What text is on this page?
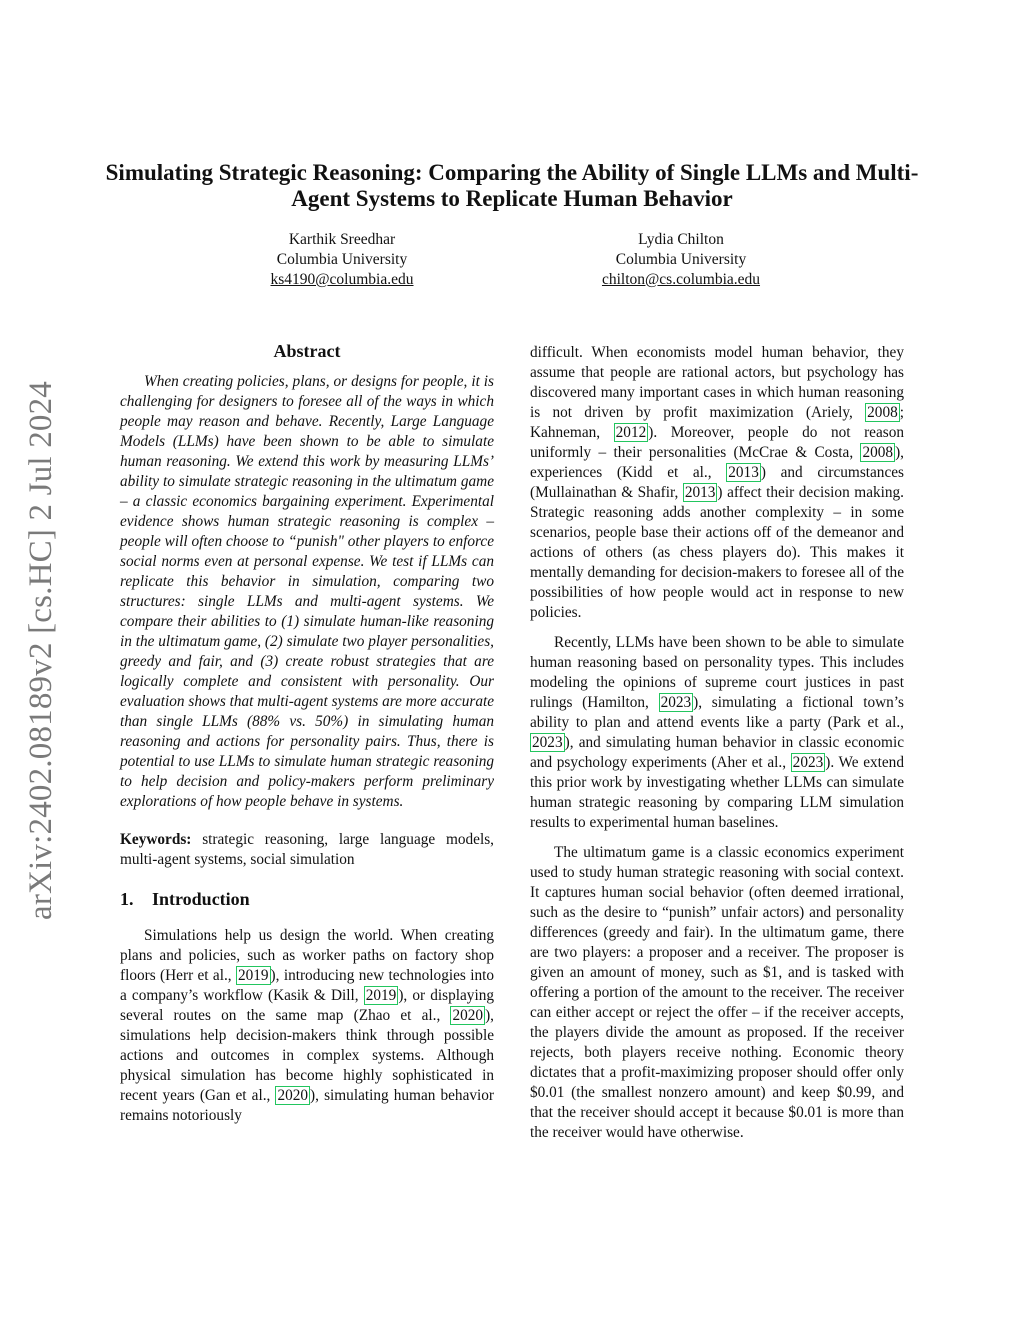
arXiv:2402.08189v2 [cs.HC] 2 Jul 2024
Simulating Strategic Reasoning: Comparing the Ability of Single LLMs and Multi-Agent Systems to Replicate Human Behavior
Karthik Sreedhar
Columbia University
ks4190@columbia.edu
Lydia Chilton
Columbia University
chilton@cs.columbia.edu
Abstract
When creating policies, plans, or designs for people, it is challenging for designers to foresee all of the ways in which people may reason and behave. Recently, Large Language Models (LLMs) have been shown to be able to simulate human reasoning. We extend this work by measuring LLMs’ ability to simulate strategic reasoning in the ultimatum game – a classic economics bargaining experiment. Experimental evidence shows human strategic reasoning is complex – people will often choose to “punish" other players to enforce social norms even at personal expense. We test if LLMs can replicate this behavior in simulation, comparing two structures: single LLMs and multi-agent systems. We compare their abilities to (1) simulate human-like reasoning in the ultimatum game, (2) simulate two player personalities, greedy and fair, and (3) create robust strategies that are logically complete and consistent with personality. Our evaluation shows that multi-agent systems are more accurate than single LLMs (88% vs. 50%) in simulating human reasoning and actions for personality pairs. Thus, there is potential to use LLMs to simulate human strategic reasoning to help decision and policy-makers perform preliminary explorations of how people behave in systems.
Keywords: strategic reasoning, large language models, multi-agent systems, social simulation
1. Introduction

Simulations help us design the world. When creating plans and policies, such as worker paths on factory shop floors (Herr et al., 2019 ), introducing new technologies into a company’s workflow (Kasik & Dill, 2019 ), or displaying several routes on the same map (Zhao et al., 2020 ), simulations help decision-makers think through possible actions and outcomes in complex systems. Although physical simulation has become highly sophisticated in recent years (Gan et al., 2020 ), simulating human behavior remains notoriously

difficult. When economists model human behavior, they assume that people are rational actors, but psychology has discovered many important cases in which human reasoning is not driven by profit maximization (Ariely, 2008 ; Kahneman, 2012 ). Moreover, people do not reason uniformly – their personalities (McCrae & Costa, 2008 ), experiences (Kidd et al., 2013 ) and circumstances (Mullainathan & Shafir, 2013 ) affect their decision making. Strategic reasoning adds another complexity – in some scenarios, people base their actions off of the demeanor and actions of others (as chess players do). This makes it mentally demanding for decision-makers to foresee all of the possibilities of how people would act in response to new policies.

Recently, LLMs have been shown to be able to simulate human reasoning based on personality types. This includes modeling the opinions of supreme court justices in past rulings (Hamilton, 2023 ), simulating a fictional town’s ability to plan and attend events like a party (Park et al., 2023 ), and simulating human behavior in classic economic and psychology experiments (Aher et al., 2023 ). We extend this prior work by investigating whether LLMs can simulate human strategic reasoning by comparing LLM simulation results to experimental human baselines.

The ultimatum game is a classic economics experiment used to study human strategic reasoning with social context. It captures human social behavior (often deemed irrational, such as the desire to “punish” unfair actors) and personality differences (greedy and fair). In the ultimatum game, there are two players: a proposer and a receiver. The proposer is given an amount of money, such as $1, and is tasked with offering a portion of the amount to the receiver. The receiver can either accept or reject the offer – if the receiver accepts, the players divide the amount as proposed. If the receiver rejects, both players receive nothing. Economic theory dictates that a profit-maximizing proposer should offer only $0.01 (the smallest nonzero amount) and keep $0.99, and that the receiver should accept it because $0.01 is more than the receiver would have otherwise.
